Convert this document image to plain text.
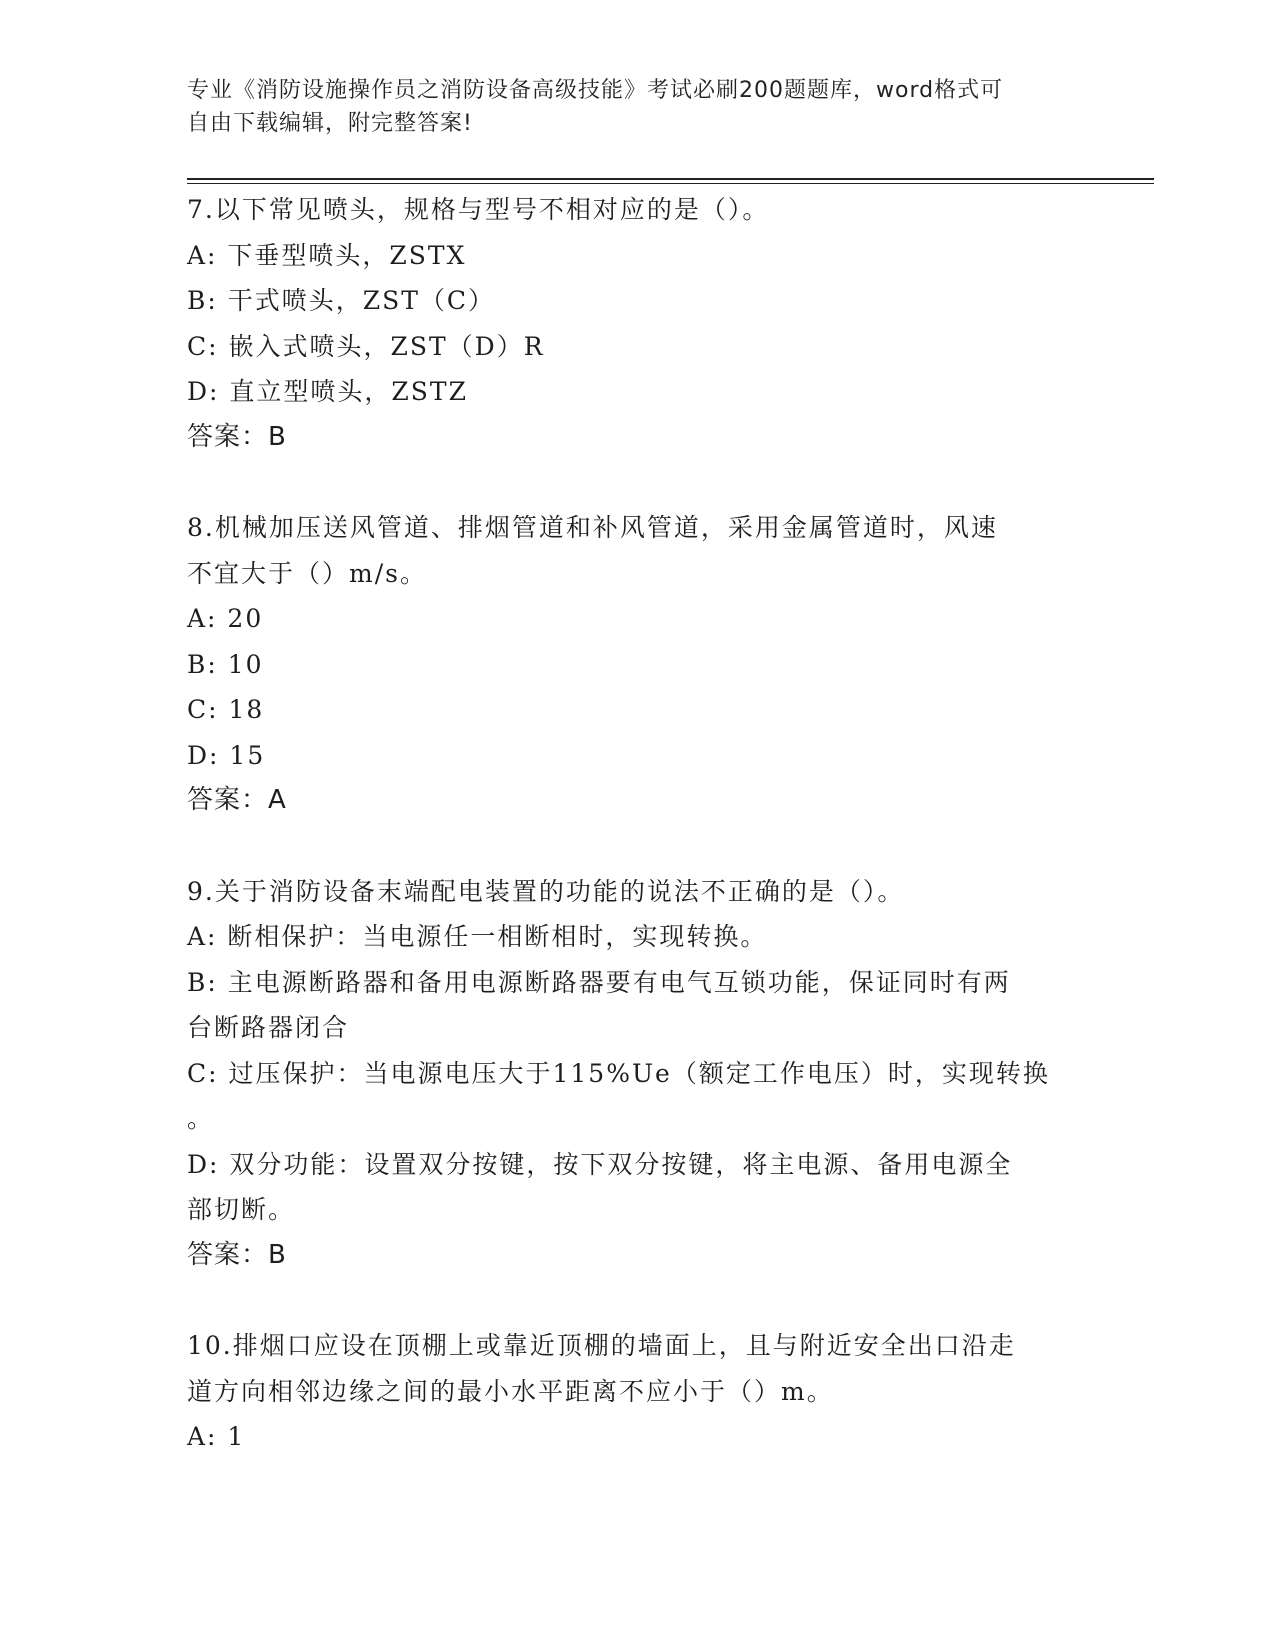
专业《消防设施操作员之消防设备高级技能》考试必刷200题题库，word格式可
自由下载编辑，附完整答案!
7.以下常见喷头，规格与型号不相对应的是（）。
A: 下垂型喷头，ZSTX
B: 干式喷头，ZST（C）
C: 嵌入式喷头，ZST（D）R
D: 直立型喷头，ZSTZ
答案：B
8.机械加压送风管道、排烟管道和补风管道，采用金属管道时，风速
不宜大于（）m/s。
A: 20
B: 10
C: 18
D: 15
答案：A
9.关于消防设备末端配电装置的功能的说法不正确的是（）。
A: 断相保护：当电源任一相断相时，实现转换。
B: 主电源断路器和备用电源断路器要有电气互锁功能，保证同时有两
台断路器闭合
C: 过压保护：当电源电压大于115%Ue（额定工作电压）时，实现转换
。
D: 双分功能：设置双分按键，按下双分按键，将主电源、备用电源全
部切断。
答案：B
10.排烟口应设在顶棚上或靠近顶棚的墙面上，且与附近安全出口沿走
道方向相邻边缘之间的最小水平距离不应小于（）m。
A: 1
